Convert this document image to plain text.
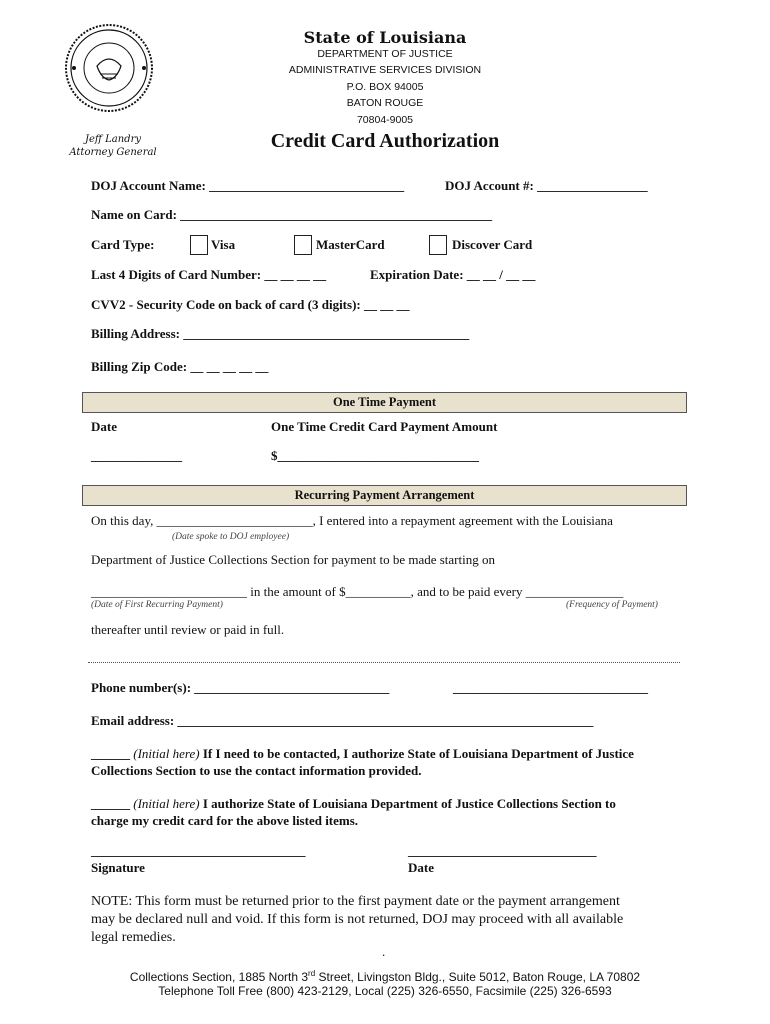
State of Louisiana
DEPARTMENT OF JUSTICE
ADMINISTRATIVE SERVICES DIVISION
P.O. BOX 94005
BATON ROUGE
70804-9005
Jeff Landry
Attorney General
Credit Card Authorization
DOJ Account Name: ______________________________	DOJ Account #: _________________
Name on Card: ________________________________________________
Card Type:	Visa	MasterCard	Discover Card
Last 4 Digits of Card Number: __ __ __ __	Expiration Date: __ __ / __ __
CVV2 - Security Code on back of card (3 digits): __ __ __
Billing Address: ____________________________________________
Billing Zip Code: __ __ __ __ __
One Time Payment
Date	One Time Credit Card Payment Amount
______________	$_______________________________
Recurring Payment Arrangement
On this day, ________________________, I entered into a repayment agreement with the Louisiana
(Date spoke to DOJ employee)
Department of Justice Collections Section for payment to be made starting on
________________________ in the amount of $__________, and to be paid every _______________
(Date of First Recurring Payment)	(Frequency of Payment)
thereafter until review or paid in full.
Phone number(s): ______________________________	______________________________
Email address: ________________________________________________________________
______ (Initial here) If I need to be contacted, I authorize State of Louisiana Department of Justice
Collections Section to use the contact information provided.
______ (Initial here) I authorize State of Louisiana Department of Justice Collections Section to
charge my credit card for the above listed items.
_________________________________
Signature
_____________________________
Date
NOTE: This form must be returned prior to the first payment date or the payment arrangement
may be declared null and void. If this form is not returned, DOJ may proceed with all available
legal remedies.
.
Collections Section, 1885 North 3rd Street, Livingston Bldg., Suite 5012, Baton Rouge, LA 70802
Telephone Toll Free (800) 423-2129, Local (225) 326-6550, Facsimile (225) 326-6593
